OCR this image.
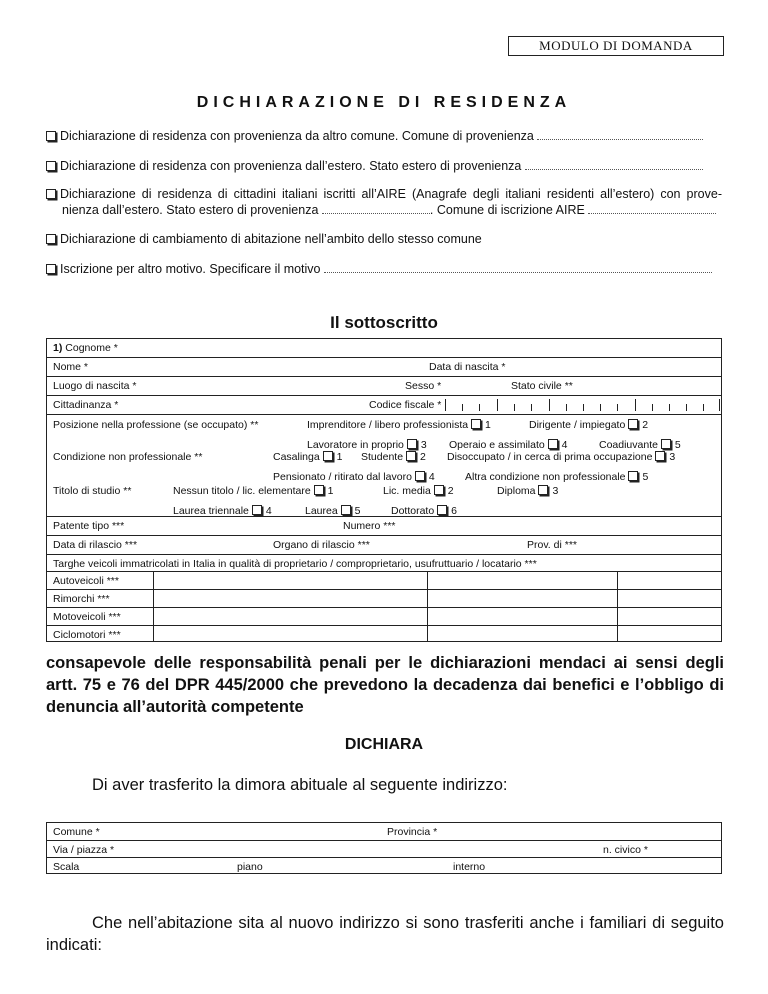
MODULO DI DOMANDA
DICHIARAZIONE DI RESIDENZA
Dichiarazione di residenza con provenienza da altro comune. Comune di provenienza
Dichiarazione di residenza con provenienza dall’estero. Stato estero di provenienza
Dichiarazione di residenza di cittadini italiani iscritti all’AIRE (Anagrafe degli italiani residenti all’estero) con prove-
nienza dall’estero. Stato estero di provenienza	. Comune di iscrizione AIRE
Dichiarazione di cambiamento di abitazione nell’ambito dello stesso comune
Iscrizione per altro motivo. Specificare il motivo
Il sottoscritto
1) Cognome *
Nome *	Data di nascita *
Luogo di nascita *	Sesso *	Stato civile **
Cittadinanza *	Codice fiscale *
Posizione nella professione (se occupato) **	Imprenditore / libero professionista 1	Dirigente / impiegato 2
Lavoratore in proprio 3 Operaio e assimilato 4	Coadiuvante 5
Condizione non professionale **	Casalinga 1 Studente 2 Disoccupato / in cerca di prima occupazione 3
Pensionato / ritirato dal lavoro 4	Altra condizione non professionale 5
Titolo di studio **	Nessun titolo / lic. elementare 1	Lic. media 2	Diploma 3
Laurea triennale 4	Laurea 5	Dottorato 6
Patente tipo ***	Numero ***
Data di rilascio ***	Organo di rilascio ***	Prov. di ***
Targhe veicoli immatricolati in Italia in qualità di proprietario / comproprietario, usufruttuario / locatario ***
Autoveicoli ***
Rimorchi ***
Motoveicoli ***
Ciclomotori ***
consapevole delle responsabilità penali per le dichiarazioni mendaci ai sensi degli artt. 75 e 76 del DPR 445/2000 che prevedono la decadenza dai benefici e l’obbligo di denuncia all’autorità competente
DICHIARA
Di aver trasferito la dimora abituale al seguente indirizzo:
Comune *	Provincia *
Via / piazza *	n. civico *
Scala	piano	interno
Che nell’abitazione sita al nuovo indirizzo si sono trasferiti anche i familiari di seguito indicati:
